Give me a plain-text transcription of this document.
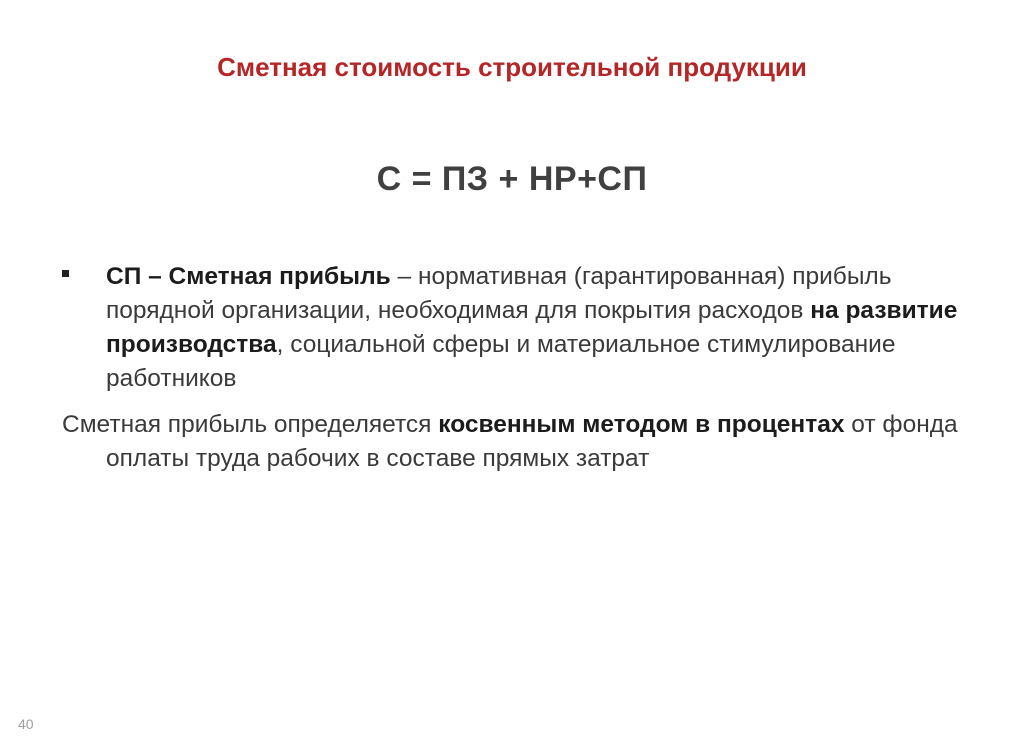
Сметная стоимость строительной продукции

С = ПЗ + НР+СП

СП – Сметная прибыль – нормативная (гарантированная) прибыль порядной организации, необходимая для покрытия расходов на развитие производства, социальной сферы и материальное стимулирование работников

Сметная прибыль определяется косвенным методом в процентах от фонда оплаты труда рабочих в составе прямых затрат

40
